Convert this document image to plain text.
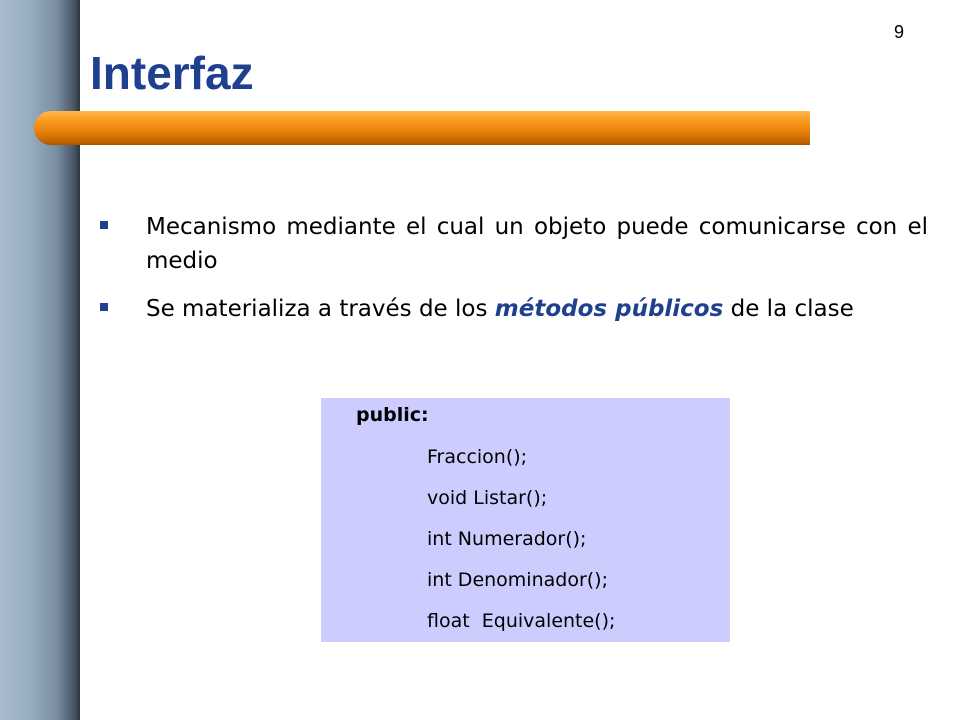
9
Interfaz
Mecanismo mediante el cual un objeto puede comunicarse con el medio
Se materializa a través de los métodos públicos de la clase
public:
Fraccion();
void Listar();
int Numerador();
int Denominador();
float  Equivalente();
